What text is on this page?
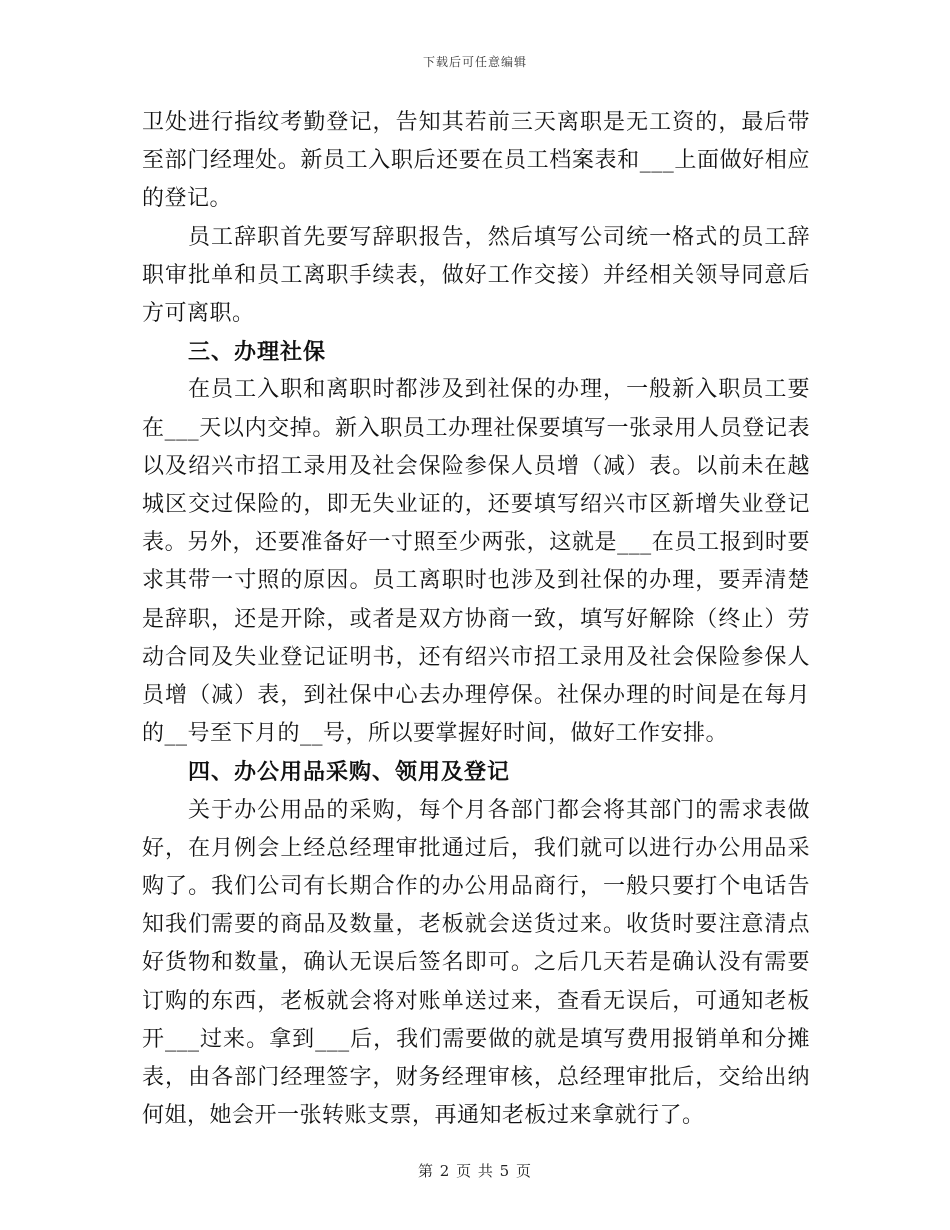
下载后可任意编辑

卫处进行指纹考勤登记，告知其若前三天离职是无工资的，最后带至部门经理处。新员工入职后还要在员工档案表和___上面做好相应的登记。

员工辞职首先要写辞职报告，然后填写公司统一格式的员工辞职审批单和员工离职手续表，做好工作交接）并经相关领导同意后方可离职。

三、办理社保

在员工入职和离职时都涉及到社保的办理，一般新入职员工要在___天以内交掉。新入职员工办理社保要填写一张录用人员登记表以及绍兴市招工录用及社会保险参保人员增（减）表。以前未在越城区交过保险的，即无失业证的，还要填写绍兴市区新增失业登记表。另外，还要准备好一寸照至少两张，这就是___在员工报到时要求其带一寸照的原因。员工离职时也涉及到社保的办理，要弄清楚是辞职，还是开除，或者是双方协商一致，填写好解除（终止）劳动合同及失业登记证明书，还有绍兴市招工录用及社会保险参保人员增（减）表，到社保中心去办理停保。社保办理的时间是在每月的__号至下月的__号，所以要掌握好时间，做好工作安排。

四、办公用品采购、领用及登记

关于办公用品的采购，每个月各部门都会将其部门的需求表做好，在月例会上经总经理审批通过后，我们就可以进行办公用品采购了。我们公司有长期合作的办公用品商行，一般只要打个电话告知我们需要的商品及数量，老板就会送货过来。收货时要注意清点好货物和数量，确认无误后签名即可。之后几天若是确认没有需要订购的东西，老板就会将对账单送过来，查看无误后，可通知老板开___过来。拿到___后，我们需要做的就是填写费用报销单和分摊表，由各部门经理签字，财务经理审核，总经理审批后，交给出纳何姐，她会开一张转账支票，再通知老板过来拿就行了。

第 2 页 共 5 页
